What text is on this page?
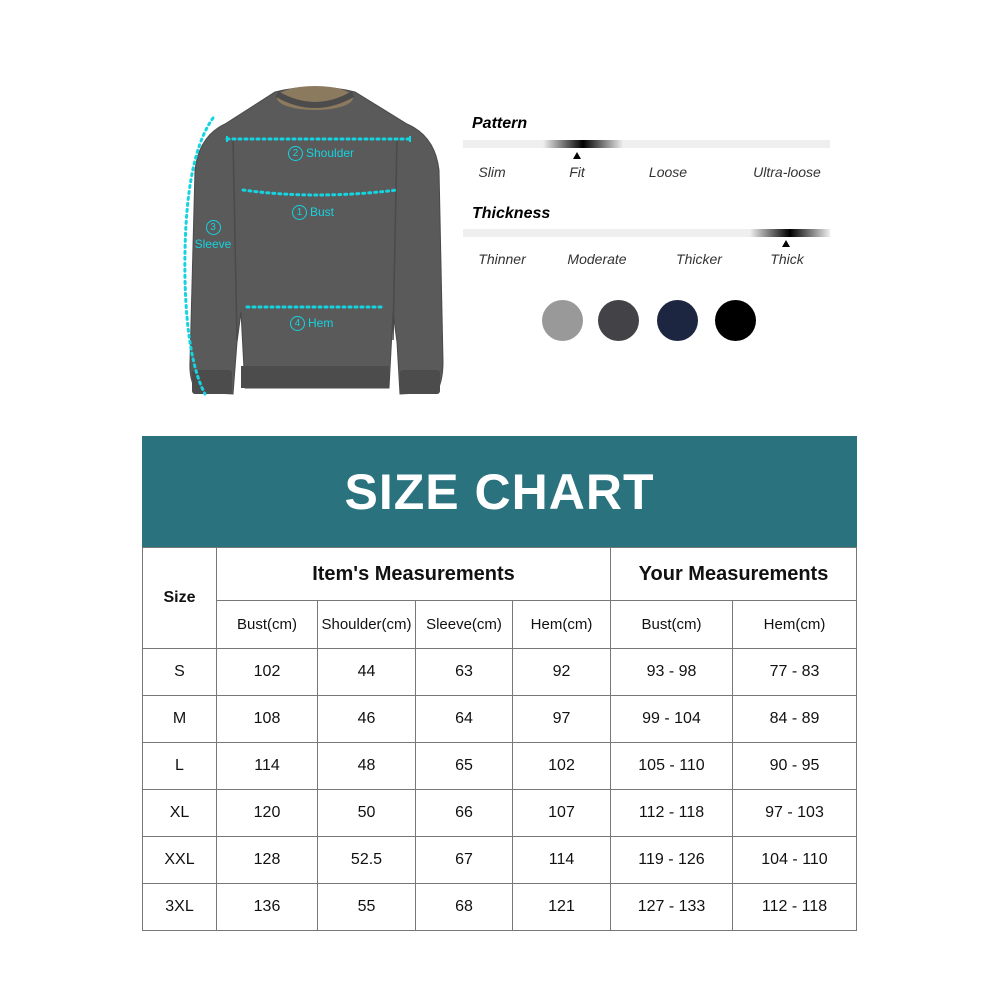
2 Shoulder
1 Bust
3
Sleeve
4 Hem
Pattern
Slim	Fit	Loose	Ultra-loose
Thickness
Thinner	Moderate	Thicker	Thick
SIZE CHART
Size	Item's Measurements				Your Measurements	
	Bust(cm)	Shoulder(cm)	Sleeve(cm)	Hem(cm)	Bust(cm)	Hem(cm)
S	102	44	63	92	93 - 98	77 - 83
M	108	46	64	97	99 - 104	84 - 89
L	114	48	65	102	105 - 110	90 - 95
XL	120	50	66	107	112 - 118	97 - 103
XXL	128	52.5	67	114	119 - 126	104 - 110
3XL	136	55	68	121	127 - 133	112 - 118
